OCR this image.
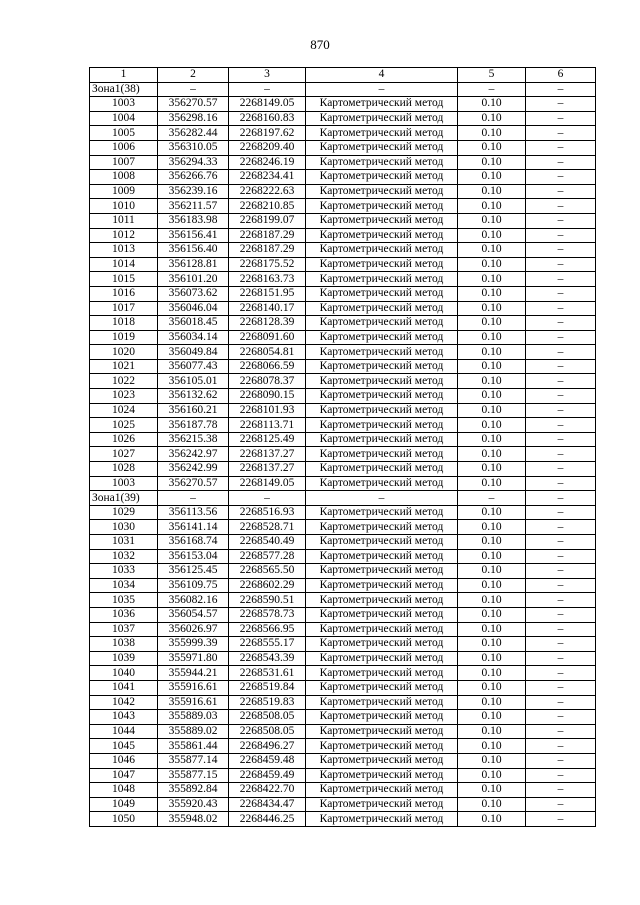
870
1	2	3	4	5	6
Зона1(38)	–	–	–	–	–
1003	356270.57	2268149.05	Картометрический метод	0.10	–
1004	356298.16	2268160.83	Картометрический метод	0.10	–
1005	356282.44	2268197.62	Картометрический метод	0.10	–
1006	356310.05	2268209.40	Картометрический метод	0.10	–
1007	356294.33	2268246.19	Картометрический метод	0.10	–
1008	356266.76	2268234.41	Картометрический метод	0.10	–
1009	356239.16	2268222.63	Картометрический метод	0.10	–
1010	356211.57	2268210.85	Картометрический метод	0.10	–
1011	356183.98	2268199.07	Картометрический метод	0.10	–
1012	356156.41	2268187.29	Картометрический метод	0.10	–
1013	356156.40	2268187.29	Картометрический метод	0.10	–
1014	356128.81	2268175.52	Картометрический метод	0.10	–
1015	356101.20	2268163.73	Картометрический метод	0.10	–
1016	356073.62	2268151.95	Картометрический метод	0.10	–
1017	356046.04	2268140.17	Картометрический метод	0.10	–
1018	356018.45	2268128.39	Картометрический метод	0.10	–
1019	356034.14	2268091.60	Картометрический метод	0.10	–
1020	356049.84	2268054.81	Картометрический метод	0.10	–
1021	356077.43	2268066.59	Картометрический метод	0.10	–
1022	356105.01	2268078.37	Картометрический метод	0.10	–
1023	356132.62	2268090.15	Картометрический метод	0.10	–
1024	356160.21	2268101.93	Картометрический метод	0.10	–
1025	356187.78	2268113.71	Картометрический метод	0.10	–
1026	356215.38	2268125.49	Картометрический метод	0.10	–
1027	356242.97	2268137.27	Картометрический метод	0.10	–
1028	356242.99	2268137.27	Картометрический метод	0.10	–
1003	356270.57	2268149.05	Картометрический метод	0.10	–
Зона1(39)	–	–	–	–	–
1029	356113.56	2268516.93	Картометрический метод	0.10	–
1030	356141.14	2268528.71	Картометрический метод	0.10	–
1031	356168.74	2268540.49	Картометрический метод	0.10	–
1032	356153.04	2268577.28	Картометрический метод	0.10	–
1033	356125.45	2268565.50	Картометрический метод	0.10	–
1034	356109.75	2268602.29	Картометрический метод	0.10	–
1035	356082.16	2268590.51	Картометрический метод	0.10	–
1036	356054.57	2268578.73	Картометрический метод	0.10	–
1037	356026.97	2268566.95	Картометрический метод	0.10	–
1038	355999.39	2268555.17	Картометрический метод	0.10	–
1039	355971.80	2268543.39	Картометрический метод	0.10	–
1040	355944.21	2268531.61	Картометрический метод	0.10	–
1041	355916.61	2268519.84	Картометрический метод	0.10	–
1042	355916.61	2268519.83	Картометрический метод	0.10	–
1043	355889.03	2268508.05	Картометрический метод	0.10	–
1044	355889.02	2268508.05	Картометрический метод	0.10	–
1045	355861.44	2268496.27	Картометрический метод	0.10	–
1046	355877.14	2268459.48	Картометрический метод	0.10	–
1047	355877.15	2268459.49	Картометрический метод	0.10	–
1048	355892.84	2268422.70	Картометрический метод	0.10	–
1049	355920.43	2268434.47	Картометрический метод	0.10	–
1050	355948.02	2268446.25	Картометрический метод	0.10	–
